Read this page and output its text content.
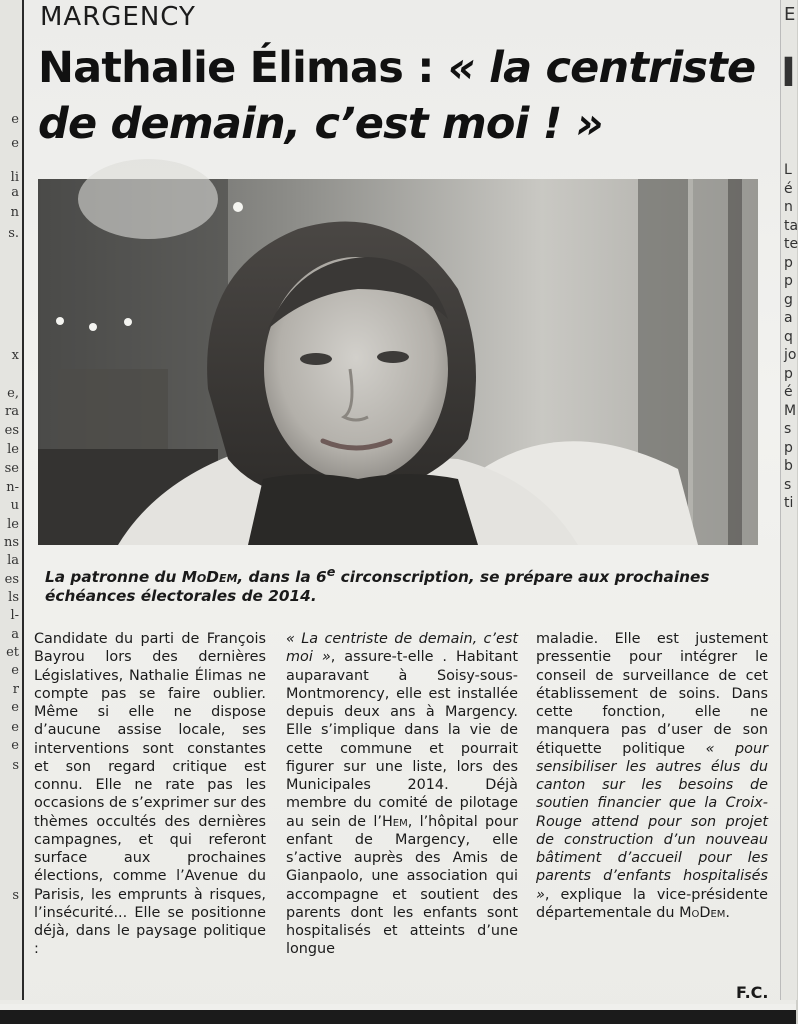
e
e
li
a
n
s.
x
e,
ra
es
le
se
n-
u
le
ns
la
es
ls
l-
a
et
e
r
e
e
e
s
s
E
I
L
é
n
ta
te
p
p
g
a
q
jo
p
é
M
s
p
b
s
ti
MARGENCY
Nathalie Élimas : « la centriste de demain, c’est moi ! »

La patronne du MoDem, dans la 6e circonscription, se prépare aux prochaines échéances électorales de 2014.

Candidate du parti de François Bayrou lors des dernières Législatives, Nathalie Élimas ne compte pas se faire oublier. Même si elle ne dispose d’aucune assise locale, ses interventions sont constantes et son regard critique est connu. Elle ne rate pas les occasions de s’exprimer sur des thèmes occultés des dernières campagnes, et qui referont surface aux prochaines élections, comme l’Avenue du Parisis, les emprunts à risques, l’insécurité... Elle se positionne déjà, dans le paysage politique :

« La centriste de demain, c’est moi », assure-t-elle . Habitant auparavant à Soisy-sous-Montmorency, elle est installée depuis deux ans à Margency. Elle s’implique dans la vie de cette commune et pourrait figurer sur une liste, lors des Municipales 2014. Déjà membre du comité de pilotage au sein de l’Hem, l’hôpital pour enfant de Margency, elle s’active auprès des Amis de Gianpaolo, une association qui accompagne et soutient des parents dont les enfants sont hospitalisés et atteints d’une longue

maladie. Elle est justement pressentie pour intégrer le conseil de surveillance de cet établissement de soins. Dans cette fonction, elle ne manquera pas d’user de son étiquette politique « pour sensibiliser les autres élus du canton sur les besoins de soutien financier que la Croix-Rouge attend pour son projet de construction d’un nouveau bâtiment d’accueil pour les parents d’enfants hospitalisés », explique la vice-présidente départementale du MoDem.

F.C.
